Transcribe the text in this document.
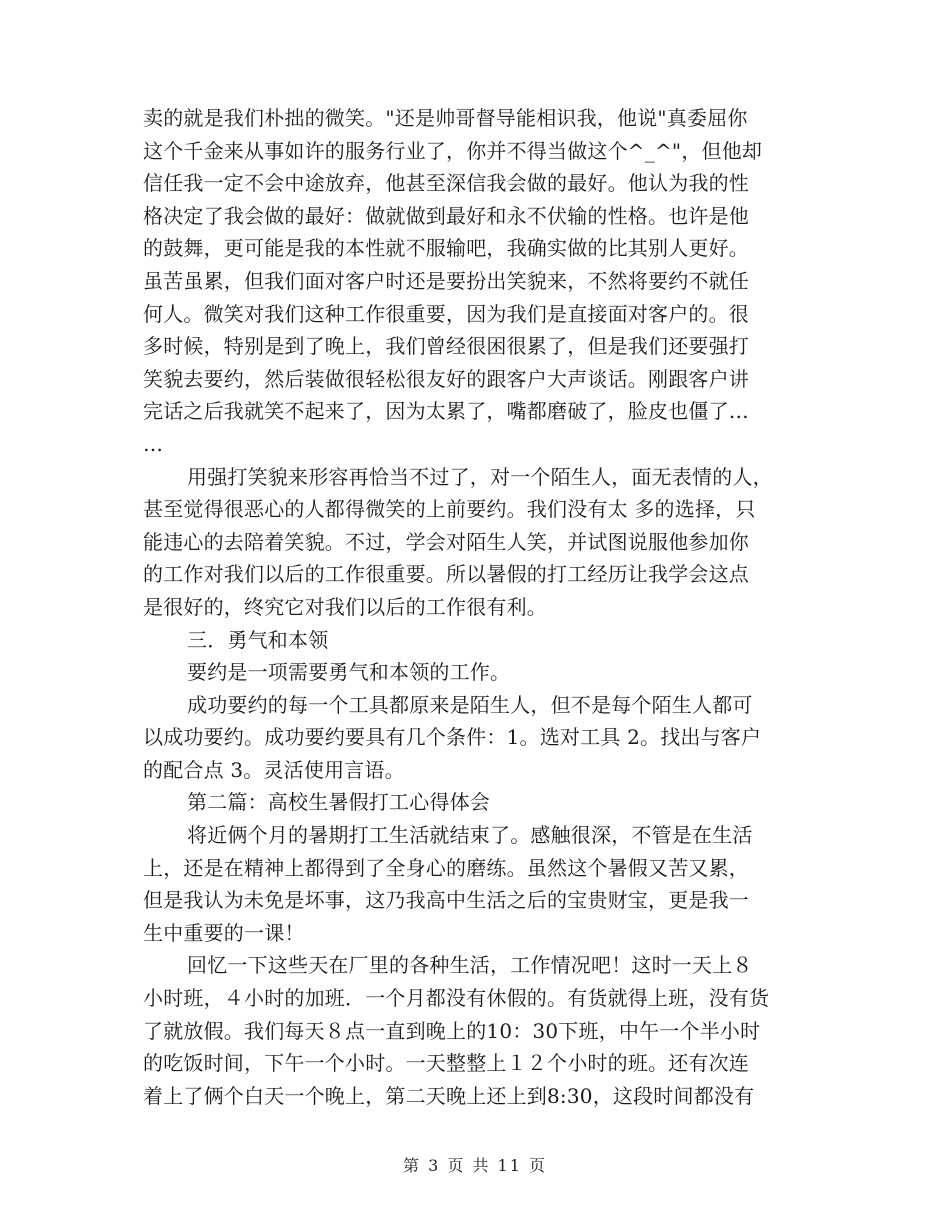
卖的就是我们朴拙的微笑。"还是帅哥督导能相识我，他说"真委屈你
这个千金来从事如许的服务行业了，你并不得当做这个^_^"，但他却
信任我一定不会中途放弃，他甚至深信我会做的最好。他认为我的性
格决定了我会做的最好：做就做到最好和永不伏输的性格。也许是他
的鼓舞，更可能是我的本性就不服输吧，我确实做的比其别人更好。
虽苦虽累，但我们面对客户时还是要扮出笑貌来，不然将要约不就任
何人。微笑对我们这种工作很重要，因为我们是直接面对客户的。很
多时候，特别是到了晚上，我们曾经很困很累了，但是我们还要强打
笑貌去要约，然后装做很轻松很友好的跟客户大声谈话。刚跟客户讲
完话之后我就笑不起来了，因为太累了，嘴都磨破了，脸皮也僵了…
…
用强打笑貌来形容再恰当不过了，对一个陌生人，面无表情的人，
甚至觉得很恶心的人都得微笑的上前要约。我们没有太 多的选择，只
能违心的去陪着笑貌。不过，学会对陌生人笑，并试图说服他参加你
的工作对我们以后的工作很重要。所以暑假的打工经历让我学会这点
是很好的，终究它对我们以后的工作很有利。
三．勇气和本领
要约是一项需要勇气和本领的工作。
成功要约的每一个工具都原来是陌生人，但不是每个陌生人都可
以成功要约。成功要约要具有几个条件：1。选对工具 2。找出与客户
的配合点 3。灵活使用言语。
第二篇：高校生暑假打工心得体会
将近俩个月的暑期打工生活就结束了。感触很深，不管是在生活
上，还是在精神上都得到了全身心的磨练。虽然这个暑假又苦又累，
但是我认为未免是坏事，这乃我高中生活之后的宝贵财宝，更是我一
生中重要的一课！
回忆一下这些天在厂里的各种生活，工作情况吧！这时一天上８
小时班，４小时的加班．一个月都没有休假的。有货就得上班，没有货
了就放假。我们每天８点一直到晚上的10：30下班，中午一个半小时
的吃饭时间，下午一个小时。一天整整上１２个小时的班。还有次连
着上了俩个白天一个晚上，第二天晚上还上到8:30，这段时间都没有
第 3 页 共 11 页
